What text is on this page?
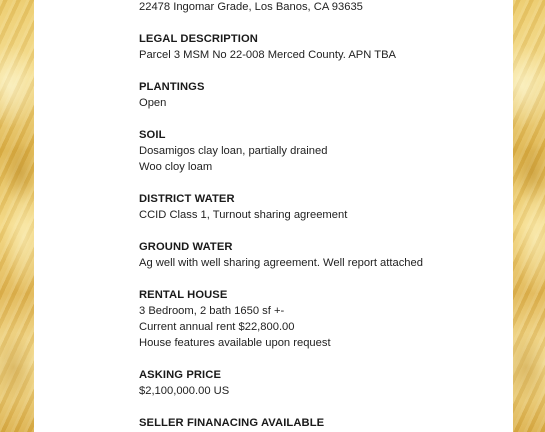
22478 Ingomar Grade, Los Banos, CA 93635
LEGAL DESCRIPTION
Parcel 3 MSM No 22-008 Merced County. APN TBA
PLANTINGS
Open
SOIL
Dosamigos clay loan, partially drained
Woo cloy loam
DISTRICT WATER
CCID Class 1, Turnout sharing agreement
GROUND WATER
Ag well with well sharing agreement. Well report attached
RENTAL HOUSE
3 Bedroom, 2 bath 1650 sf +-
Current annual rent $22,800.00
House features available upon request
ASKING PRICE
$2,100,000.00 US
SELLER FINANACING AVAILABLE
